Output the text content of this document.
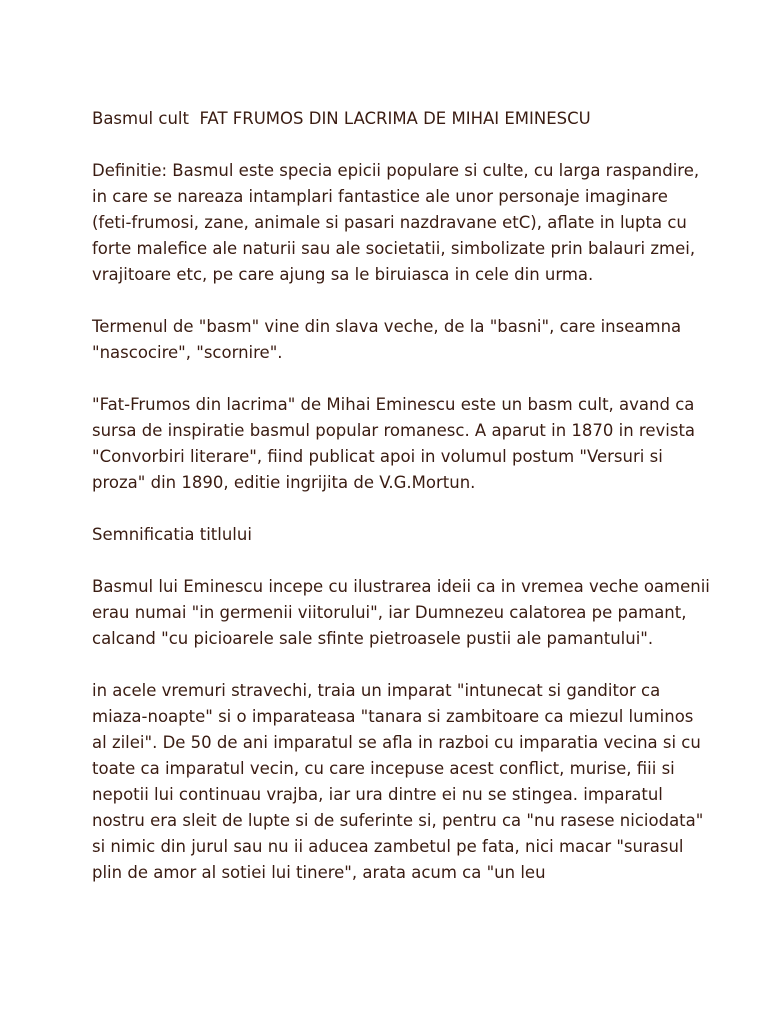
Basmul cult  FAT FRUMOS DIN LACRIMA DE MIHAI EMINESCU

Definitie: Basmul este specia epicii populare si culte, cu larga raspandire, in care se nareaza intamplari fantastice ale unor personaje imaginare (feti-frumosi, zane, animale si pasari nazdravane etC), aflate in lupta cu forte malefice ale naturii sau ale societatii, simbolizate prin balauri zmei, vrajitoare etc, pe care ajung sa le biruiasca in cele din urma.

Termenul de "basm" vine din slava veche, de la "basni", care inseamna "nascocire", "scornire".

"Fat-Frumos din lacrima" de Mihai Eminescu este un basm cult, avand ca sursa de inspiratie basmul popular romanesc. A aparut in 1870 in revista "Convorbiri literare", fiind publicat apoi in volumul postum "Versuri si proza" din 1890, editie ingrijita de V.G.Mortun.

Semnificatia titlului

Basmul lui Eminescu incepe cu ilustrarea ideii ca in vremea veche oamenii erau numai "in germenii viitorului", iar Dumnezeu calatorea pe pamant, calcand "cu picioarele sale sfinte pietroasele pustii ale pamantului".

in acele vremuri stravechi, traia un imparat "intunecat si ganditor ca miaza-noapte" si o imparateasa "tanara si zambitoare ca miezul luminos al zilei". De 50 de ani imparatul se afla in razboi cu imparatia vecina si cu toate ca imparatul vecin, cu care incepuse acest conflict, murise, fiii si nepotii lui continuau vrajba, iar ura dintre ei nu se stingea. imparatul nostru era sleit de lupte si de suferinte si, pentru ca "nu rasese niciodata" si nimic din jurul sau nu ii aducea zambetul pe fata, nici macar "surasul plin de amor al sotiei lui tinere", arata acum ca "un leu
